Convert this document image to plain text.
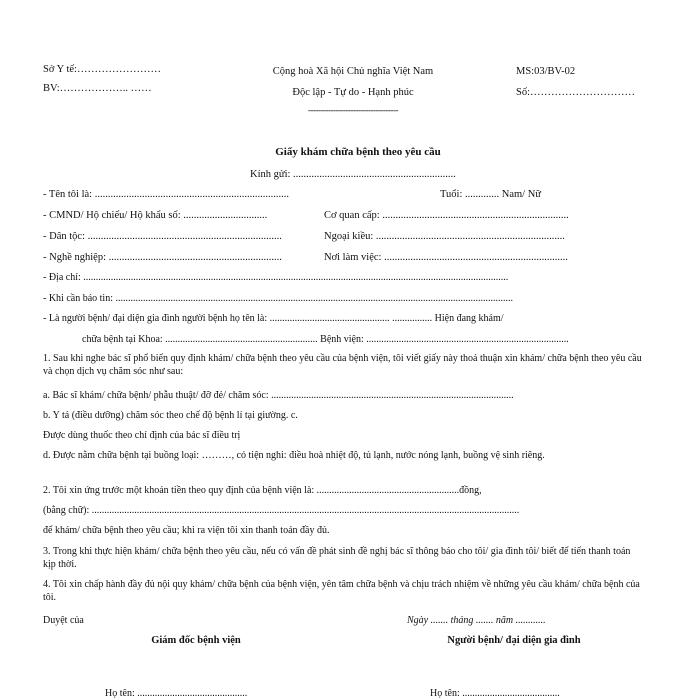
Sở Y tế:……………………
BV:……………….. ……
Cộng hoà Xã hội Chủ nghĩa Việt Nam
Độc lập - Tự do - Hạnh phúc
------------------------------------
MS:03/BV-02
Số:…………………………
Giấy khám chữa bệnh theo yêu cầu
Kính gửi: ..............................................................
- Tên tôi là: ..........................................................................	Tuổi: ............. Nam/ Nữ
- CMND/ Hộ chiếu/ Hộ khẩu số: ................................	Cơ quan cấp: .......................................................................
- Dân tộc: ..........................................................................	Ngoại kiều: ........................................................................
- Nghề nghiệp: ..................................................................	Nơi làm việc: ......................................................................
- Địa chỉ: ..........................................................................................................................................................................
- Khi cần báo tin: ...............................................................................................................................................................
- Là người bệnh/ đại diện gia đình người bệnh họ tên là: ................................................ ................ Hiện đang khám/
chữa bệnh tại Khoa: ............................................................. Bệnh viện: .................................................................................
1. Sau khi nghe bác sĩ phổ biến quy định khám/ chữa bệnh theo yêu cầu của bệnh viện, tôi viết giấy này thoả thuận xin khám/ chữa bệnh theo yêu cầu và chọn dịch vụ chăm sóc như sau:
a. Bác sĩ khám/ chữa bệnh/ phẫu thuật/ đỡ đẻ/ chăm sóc: .................................................................................................
b. Y tá (điều dưỡng) chăm sóc theo chế độ bệnh lí tại giường. c.
Được dùng thuốc theo chỉ định của bác sĩ điều trị
d. Được nằm chữa bệnh tại buồng loại: ………, có tiện nghi: điều hoà nhiệt độ, tủ lạnh, nước nóng lạnh, buồng vệ sinh riêng.
2. Tôi xin ứng trước một khoản tiền theo quy định của bệnh viện là: .........................................................đồng,
(bằng chữ): ...........................................................................................................................................................................
để khám/ chữa bệnh theo yêu cầu; khi ra viện tôi xin thanh toán đầy đủ.
3. Trong khi thực hiện khám/ chữa bệnh theo yêu cầu, nếu có vấn đề phát sinh đề nghị bác sĩ thông báo cho tôi/ gia đình tôi/ biết để tiến thanh toán kịp thời.
4. Tôi xin chấp hành đầy đủ nội quy khám/ chữa bệnh của bệnh viện, yên tâm chữa bệnh và chịu trách nhiệm về những yêu cầu khám/ chữa bệnh của tôi.
Duyệt của	Ngày ....... tháng ....... năm ............
Giám đốc bệnh viện	Người bệnh/ đại diện gia đình
Họ tên: ............................................	Họ tên: .......................................
